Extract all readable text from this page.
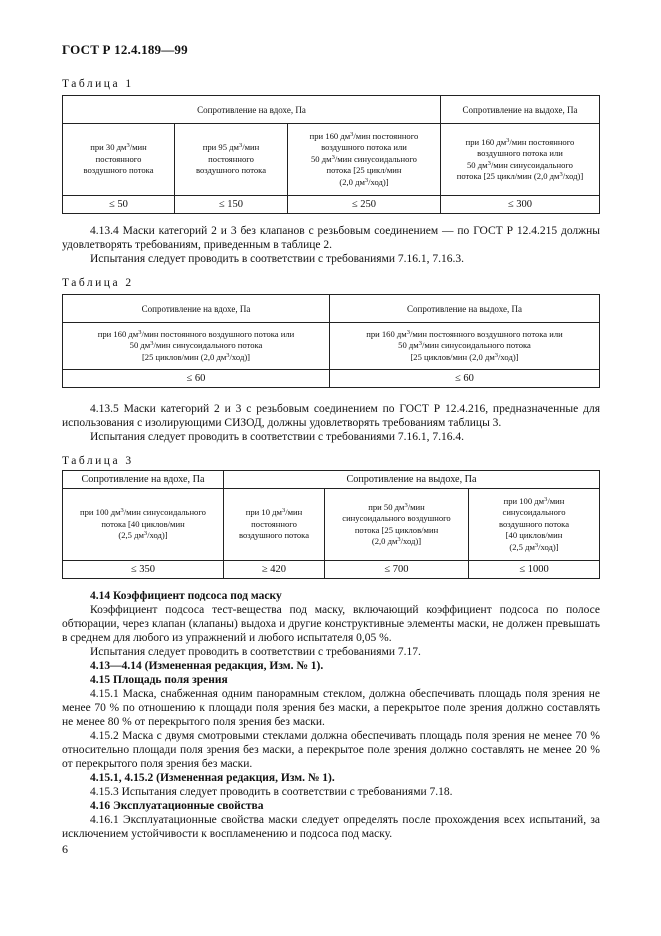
ГОСТ Р 12.4.189—99
Таблица 1
Сопротивление на вдохе, Па			Сопротивление на выдохе, Па
при 30 $дм^3$/мин
постоянного
воздушного потока	при 95 $дм^3$/мин
постоянного
воздушного потока	при 160 $дм^3$/мин постоянного
воздушного потока или
50 $дм^3$/мин синусоидального
потока [25 цикл/мин
(2,0 $дм^3/ход$)]	при 160 $дм^3$/мин постоянного
воздушного потока или
50 $дм^3$/мин синусоидального
потока [25 цикл/мин (2,0 $дм^3/ход$)]
≤ 50	≤ 150	≤ 250	≤ 300

4.13.4 Маски категорий 2 и 3 без клапанов с резьбовым соединением — по ГОСТ Р 12.4.215 должны удовлетворять требованиям, приведенным в таблице 2.

Испытания следует проводить в соответствии с требованиями 7.16.1, 7.16.3.

Таблица 2
Сопротивление на вдохе, Па	Сопротивление на выдохе, Па
при 160 $дм^3$/мин постоянного воздушного потока или
50 $дм^3$/мин синусоидального потока
[25 циклов/мин (2,0 $дм^3/ход$)]	при 160 $дм^3$/мин постоянного воздушного потока или
50 $дм^3$/мин синусоидального потока
[25 циклов/мин (2,0 $дм^3/ход$)]
≤ 60	≤ 60

4.13.5 Маски категорий 2 и 3 с резьбовым соединением по ГОСТ Р 12.4.216, предназначенные для использования с изолирующими СИЗОД, должны удовлетворять требованиям таблицы 3.

Испытания следует проводить в соответствии с требованиями 7.16.1, 7.16.4.

Таблица 3
Сопротивление на вдохе, Па	Сопротивление на выдохе, Па		
при 100 $дм^3$/мин синусоидального
потока [40 циклов/мин
(2,5 $дм^3/ход$)]	при 10 $дм^3$/мин
постоянного
воздушного потока	при 50 $дм^3$/мин
синусоидального воздушного
потока [25 циклов/мин
(2,0 $дм^3/ход$)]	при 100 $дм^3$/мин
синусоидального
воздушного потока
[40 циклов/мин
(2,5 $дм^3/ход$)]
≤ 350	≥ 420	≤ 700	≤ 1000

4.14 Коэффициент подсоса под маску

Коэффициент подсоса тест-вещества под маску, включающий коэффициент подсоса по полосе обтюрации, через клапан (клапаны) выдоха и другие конструктивные элементы маски, не должен превышать в среднем для любого из упражнений и любого испытателя 0,05 %.

Испытания следует проводить в соответствии с требованиями 7.17.

4.13—4.14 (Измененная редакция, Изм. № 1).

4.15 Площадь поля зрения

4.15.1 Маска, снабженная одним панорамным стеклом, должна обеспечивать площадь поля зрения не менее 70 % по отношению к площади поля зрения без маски, а перекрытое поле зрения должно составлять не менее 80 % от перекрытого поля зрения без маски.

4.15.2 Маска с двумя смотровыми стеклами должна обеспечивать площадь поля зрения не менее 70 % относительно площади поля зрения без маски, а перекрытое поле зрения должно составлять не менее 20 % от перекрытого поля зрения без маски.

4.15.1, 4.15.2 (Измененная редакция, Изм. № 1).

4.15.3 Испытания следует проводить в соответствии с требованиями 7.18.

4.16 Эксплуатационные свойства

4.16.1 Эксплуатационные свойства маски следует определять после прохождения всех испытаний, за исключением устойчивости к воспламенению и подсоса под маску.

6
